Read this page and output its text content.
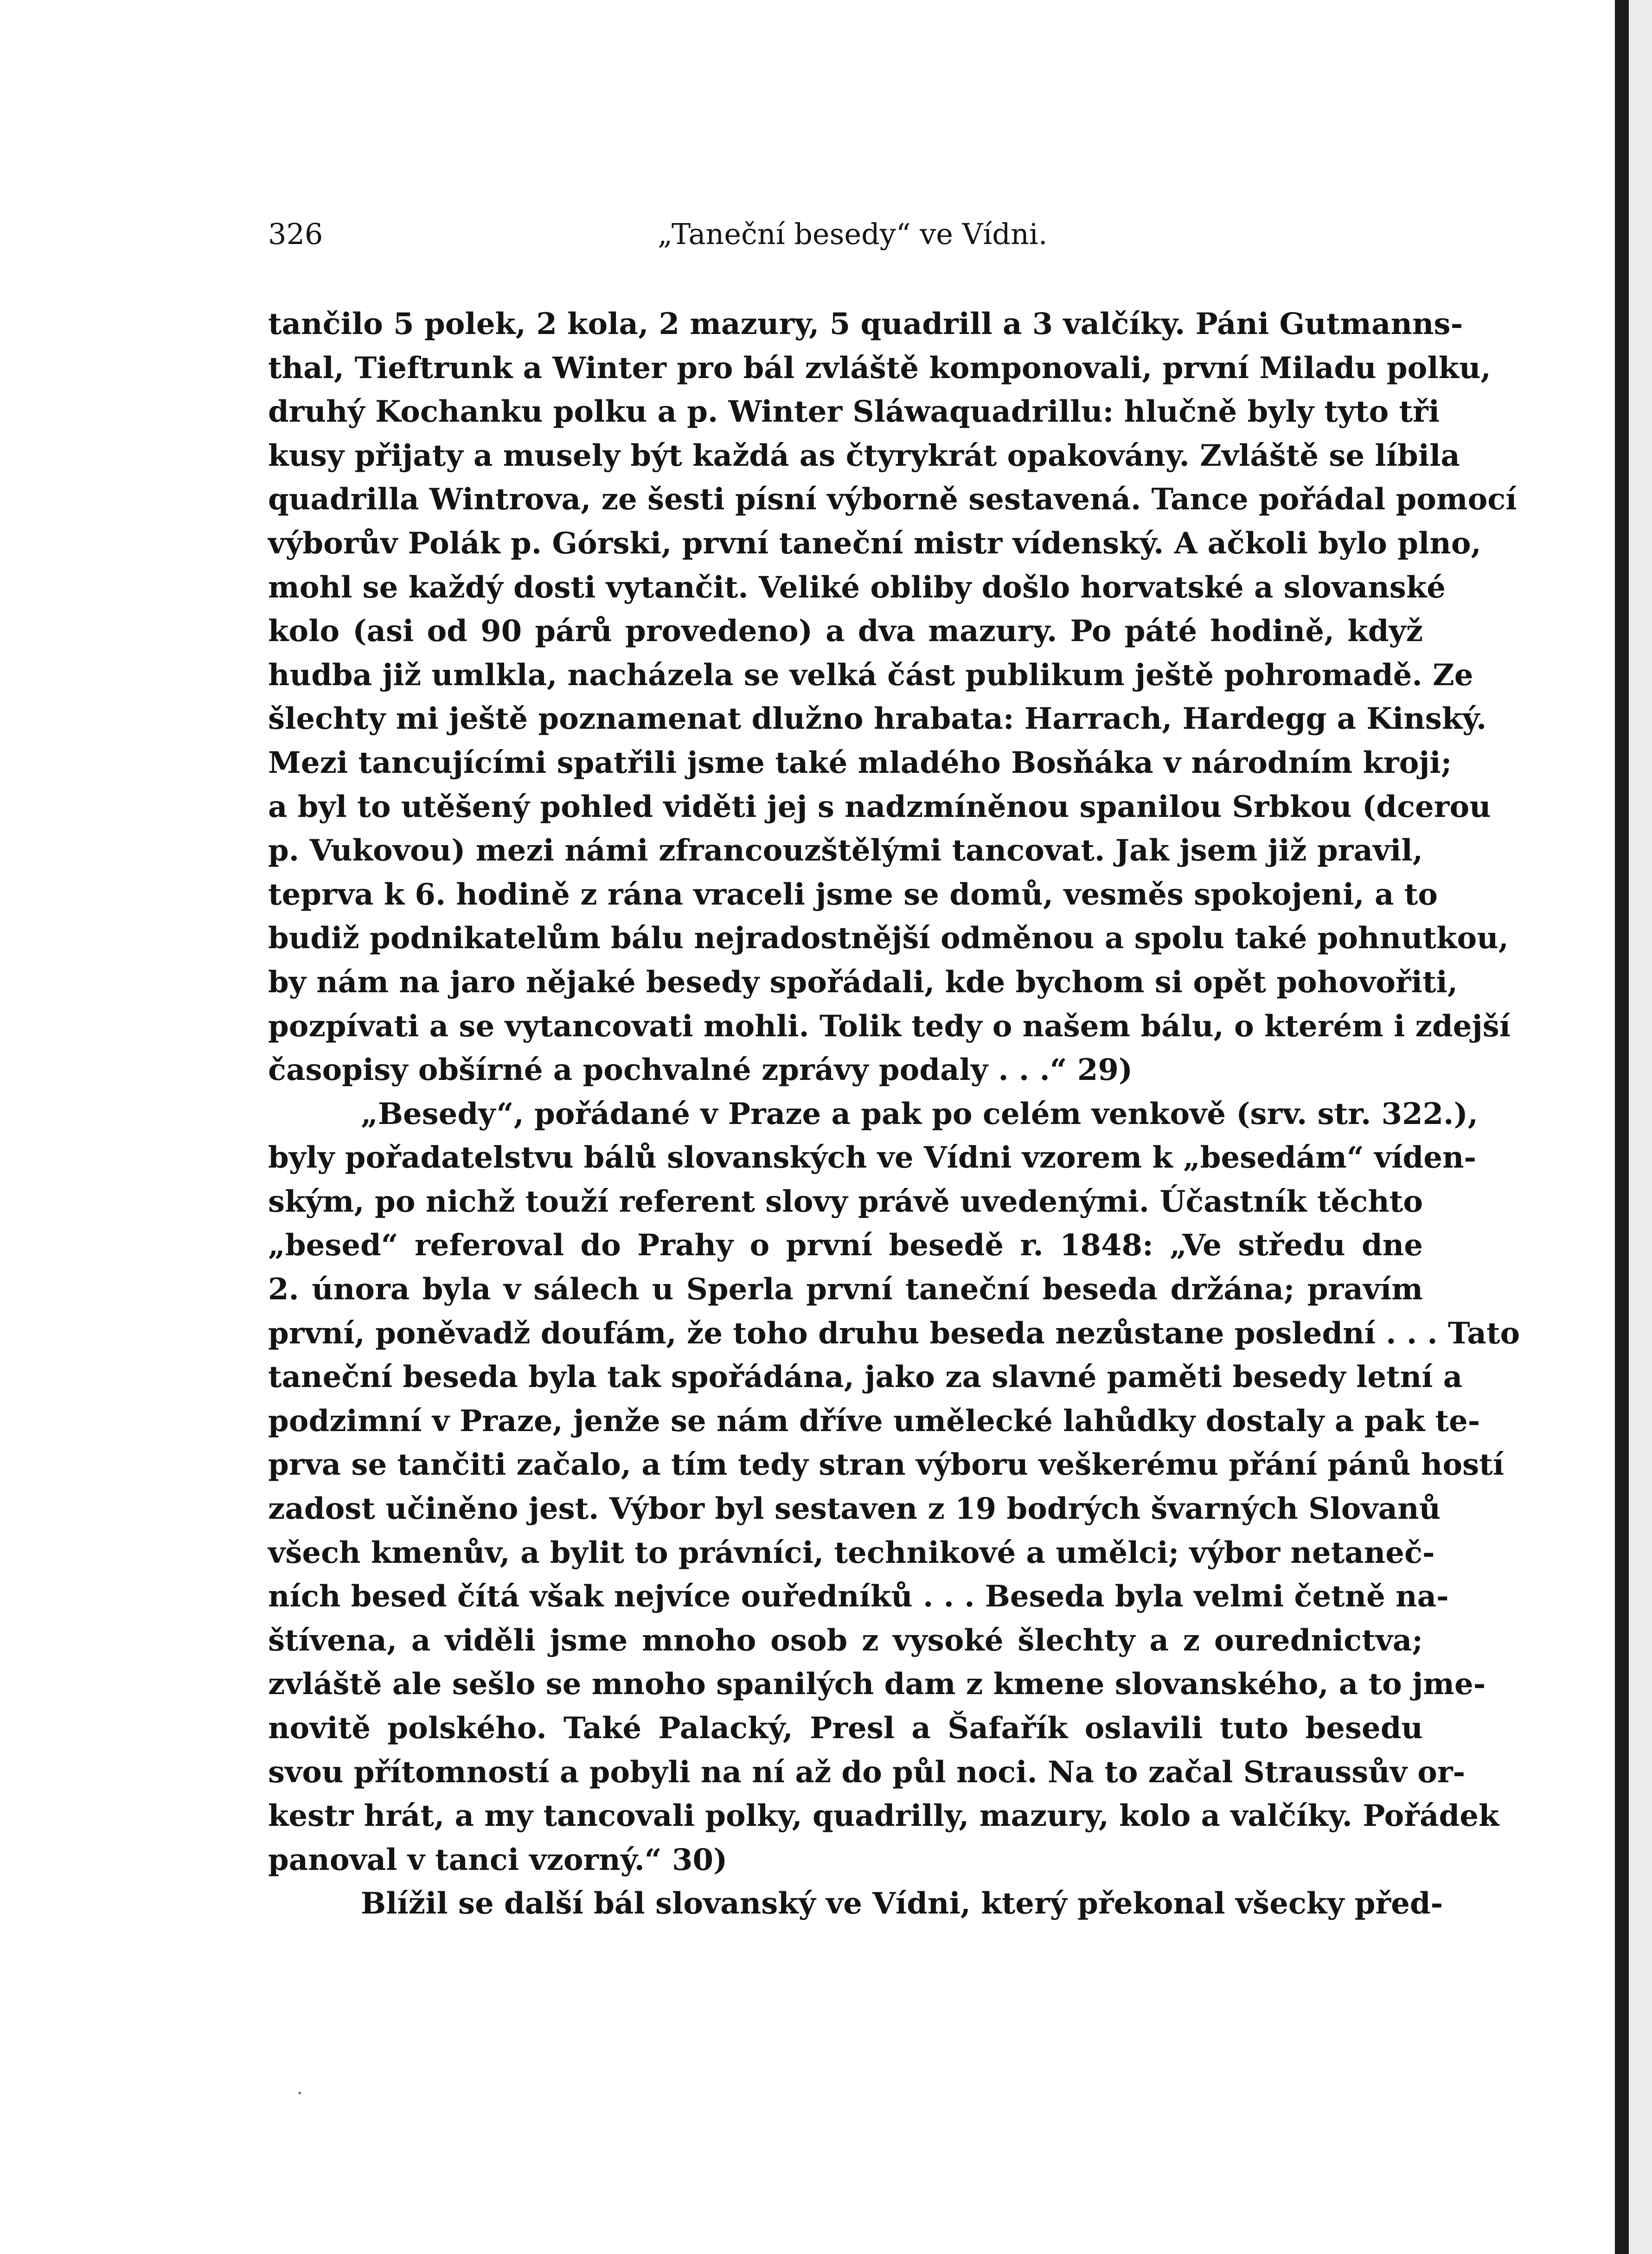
326	„Taneční besedy“ ve Vídni.
tančilo 5 polek, 2 kola, 2 mazury, 5 quadrill a 3 valčíky. Páni Gutmanns-
thal, Tieftrunk a Winter pro bál zvláště komponovali, první Miladu polku,
druhý Kochanku polku a p. Winter Sláwaquadrillu: hlučně byly tyto tři
kusy přijaty a musely být každá as čtyrykrát opakovány. Zvláště se líbila
quadrilla Wintrova, ze šesti písní výborně sestavená. Tance pořádal pomocí
výborův Polák p. Górski, první taneční mistr vídenský. A ačkoli bylo plno,
mohl se každý dosti vytančit. Veliké obliby došlo horvatské a slovanské
kolo (asi od 90 párů provedeno) a dva mazury. Po páté hodině, když
hudba již umlkla, nacházela se velká část publikum ještě pohromadě. Ze
šlechty mi ještě poznamenat dlužno hrabata: Harrach, Hardegg a Kinský.
Mezi tancujícími spatřili jsme také mladého Bosňáka v národním kroji;
a byl to utěšený pohled viděti jej s nadzmíněnou spanilou Srbkou (dcerou
p. Vukovou) mezi námi zfrancouzštělými tancovat. Jak jsem již pravil,
teprva k 6. hodině z rána vraceli jsme se domů, vesměs spokojeni, a to
budiž podnikatelům bálu nejradostnější odměnou a spolu také pohnutkou,
by nám na jaro nějaké besedy spořádali, kde bychom si opět pohovořiti,
pozpívati a se vytancovati mohli. Tolik tedy o našem bálu, o kterém i zdejší
časopisy obšírné a pochvalné zprávy podaly . . .“ 29)
„Besedy“, pořádané v Praze a pak po celém venkově (srv. str. 322.),
byly pořadatelstvu bálů slovanských ve Vídni vzorem k „besedám“ víden-
ským, po nichž touží referent slovy právě uvedenými. Účastník těchto
„besed“ referoval do Prahy o první besedě r. 1848: „Ve středu dne
2. února byla v sálech u Sperla první taneční beseda držána; pravím
první, poněvadž doufám, že toho druhu beseda nezůstane poslední . . . Tato
taneční beseda byla tak spořádána, jako za slavné paměti besedy letní a
podzimní v Praze, jenže se nám dříve umělecké lahůdky dostaly a pak te-
prva se tančiti začalo, a tím tedy stran výboru veškerému přání pánů hostí
zadost učiněno jest. Výbor byl sestaven z 19 bodrých švarných Slovanů
všech kmenův, a bylit to právníci, technikové a umělci; výbor netaneč-
ních besed čítá však nejvíce ouředníků . . . Beseda byla velmi četně na-
štívena, a viděli jsme mnoho osob z vysoké šlechty a z ourednictva;
zvláště ale sešlo se mnoho spanilých dam z kmene slovanského, a to jme-
novitě polského. Také Palacký, Presl a Šafařík oslavili tuto besedu
svou přítomností a pobyli na ní až do půl noci. Na to začal Straussův or-
kestr hrát, a my tancovali polky, quadrilly, mazury, kolo a valčíky. Pořádek
panoval v tanci vzorný.“ 30)
Blížil se další bál slovanský ve Vídni, který překonal všecky před-
·
